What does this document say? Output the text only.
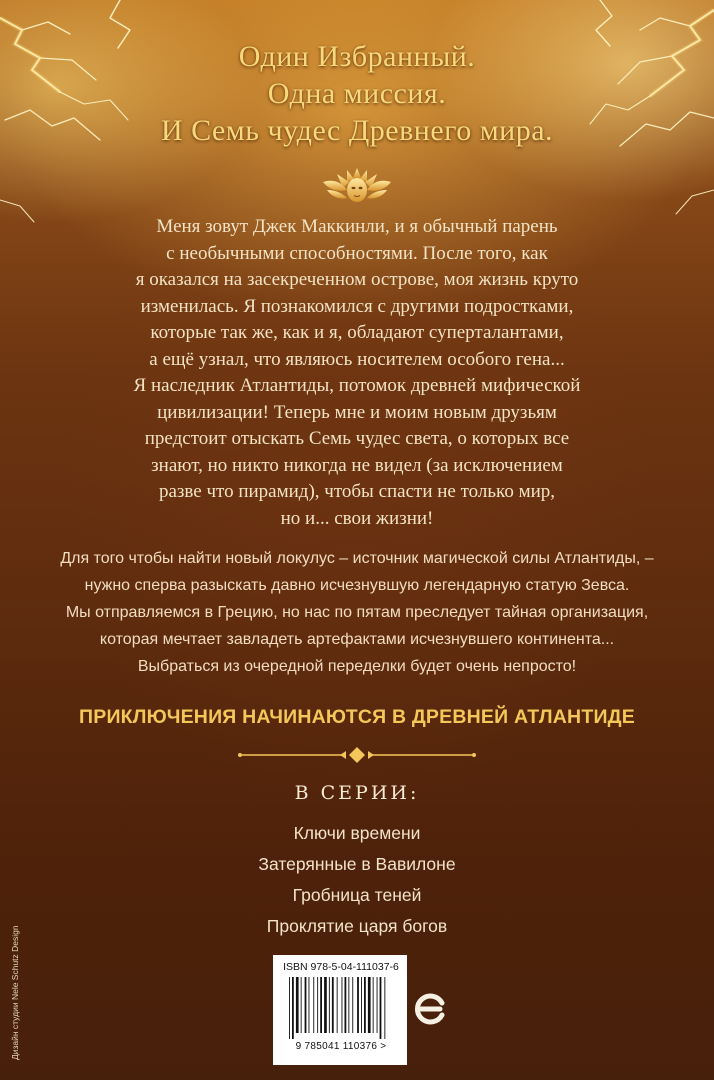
Один Избранный.
Одна миссия.
И Семь чудес Древнего мира.
Меня зовут Джек Маккинли, и я обычный парень
с необычными способностями. После того, как
я оказался на засекреченном острове, моя жизнь круто
изменилась. Я познакомился с другими подростками,
которые так же, как и я, обладают суперталантами,
а ещё узнал, что являюсь носителем особого гена...
Я наследник Атлантиды, потомок древней мифической
цивилизации! Теперь мне и моим новым друзьям
предстоит отыскать Семь чудес света, о которых все
знают, но никто никогда не видел (за исключением
разве что пирамид), чтобы спасти не только мир,
но и... свои жизни!
Для того чтобы найти новый локулус – источник магической силы Атлантиды, –
нужно сперва разыскать давно исчезнувшую легендарную статую Зевса.
Мы отправляемся в Грецию, но нас по пятам преследует тайная организация,
которая мечтает завладеть артефактами исчезнувшего континента...
Выбраться из очередной переделки будет очень непросто!
ПРИКЛЮЧЕНИЯ НАЧИНАЮТСЯ В ДРЕВНЕЙ АТЛАНТИДЕ
В СЕРИИ:
Ключи времени
Затерянные в Вавилоне
Гробница теней
Проклятие царя богов
ISBN 978-5-04-111037-6
9 785041 110376 >
Дизайн студии Nele Schutz Design
